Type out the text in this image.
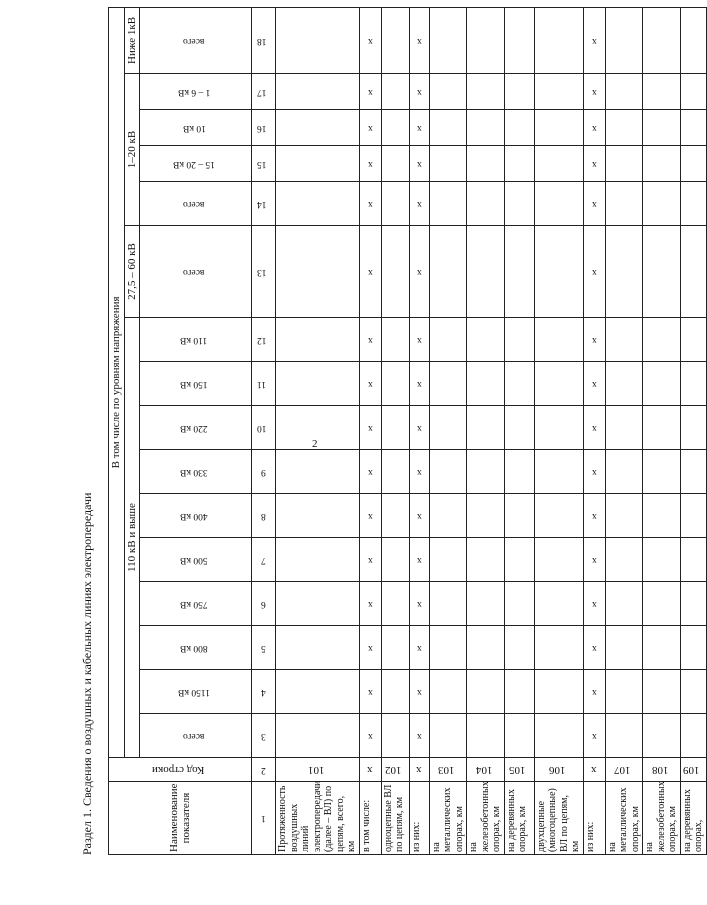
2
Раздел 1. Сведения о воздушных и кабельных линиях электропередачи	Наименование показателя	Код строки	В том числе по уровням напряжения															
		110 кВ и выше										27,5 – 60 кВ	1–20 кВ				Ниже 1кВ

		всего	1150 кВ	800 кВ	750 кВ	500 кВ	400 кВ	330 кВ	220 кВ	150 кВ	110 кВ	всего	всего	15 – 20 кВ	10 кВ	1 – 6 кВ	всего
1	2	3	4	5	6	7	8	9	10	11	12	13	14	15	16	17	18
Протяженность воздушных линий электропередачи (далее – ВЛ) по цепям, всего, км	101																
в том числе:	x	x	x	x	x	x	x	x	x	x	x	x	x	x	x	x	x
одноцепные ВЛ по цепям, км	102																
из них:	x	x	x	x	x	x	x	x	x	x	x	x	x	x	x	x	x
на металлических опорах, км	103																
на железобетонных опорах, км	104																
на деревянных опорах, км	105																
двухцепные (многоцепные) ВЛ по цепям, км	106																
из них:	x	x	x	x	x	x	x	x	x	x	x	x	x	x	x	x	x
на металлических опорах, км	107																
на железобетонных опорах, км	108																
на деревянных опорах,	109																
